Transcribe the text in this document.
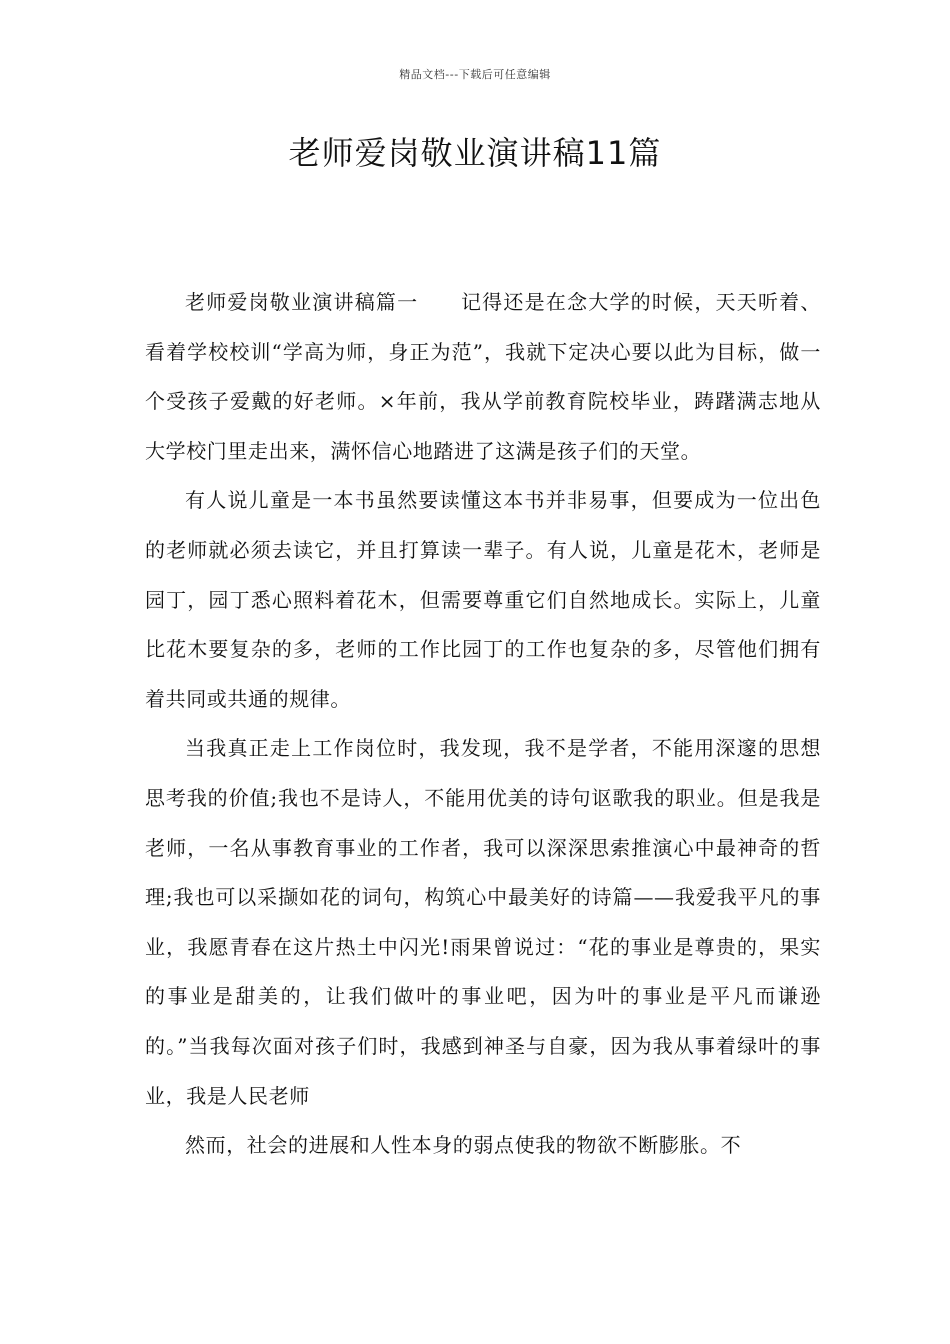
精品文档---下载后可任意编辑
老师爱岗敬业演讲稿11篇

老师爱岗敬业演讲稿篇一 记得还是在念大学的时候，天天听着、看着学校校训“学高为师，身正为范”，我就下定决心要以此为目标，做一个受孩子爱戴的好老师。×年前，我从学前教育院校毕业，踌躇满志地从大学校门里走出来，满怀信心地踏进了这满是孩子们的天堂。

有人说儿童是一本书虽然要读懂这本书并非易事，但要成为一位出色的老师就必须去读它，并且打算读一辈子。有人说，儿童是花木，老师是园丁，园丁悉心照料着花木，但需要尊重它们自然地成长。实际上，儿童比花木要复杂的多，老师的工作比园丁的工作也复杂的多，尽管他们拥有着共同或共通的规律。

当我真正走上工作岗位时，我发现，我不是学者，不能用深邃的思想思考我的价值;我也不是诗人，不能用优美的诗句讴歌我的职业。但是我是老师，一名从事教育事业的工作者，我可以深深思索推演心中最神奇的哲理;我也可以采撷如花的词句，构筑心中最美好的诗篇——我爱我平凡的事业，我愿青春在这片热土中闪光!雨果曾说过：“花的事业是尊贵的，果实的事业是甜美的，让我们做叶的事业吧，因为叶的事业是平凡而谦逊的。”当我每次面对孩子们时，我感到神圣与自豪，因为我从事着绿叶的事业，我是人民老师

然而，社会的进展和人性本身的弱点使我的物欲不断膨胀。不
